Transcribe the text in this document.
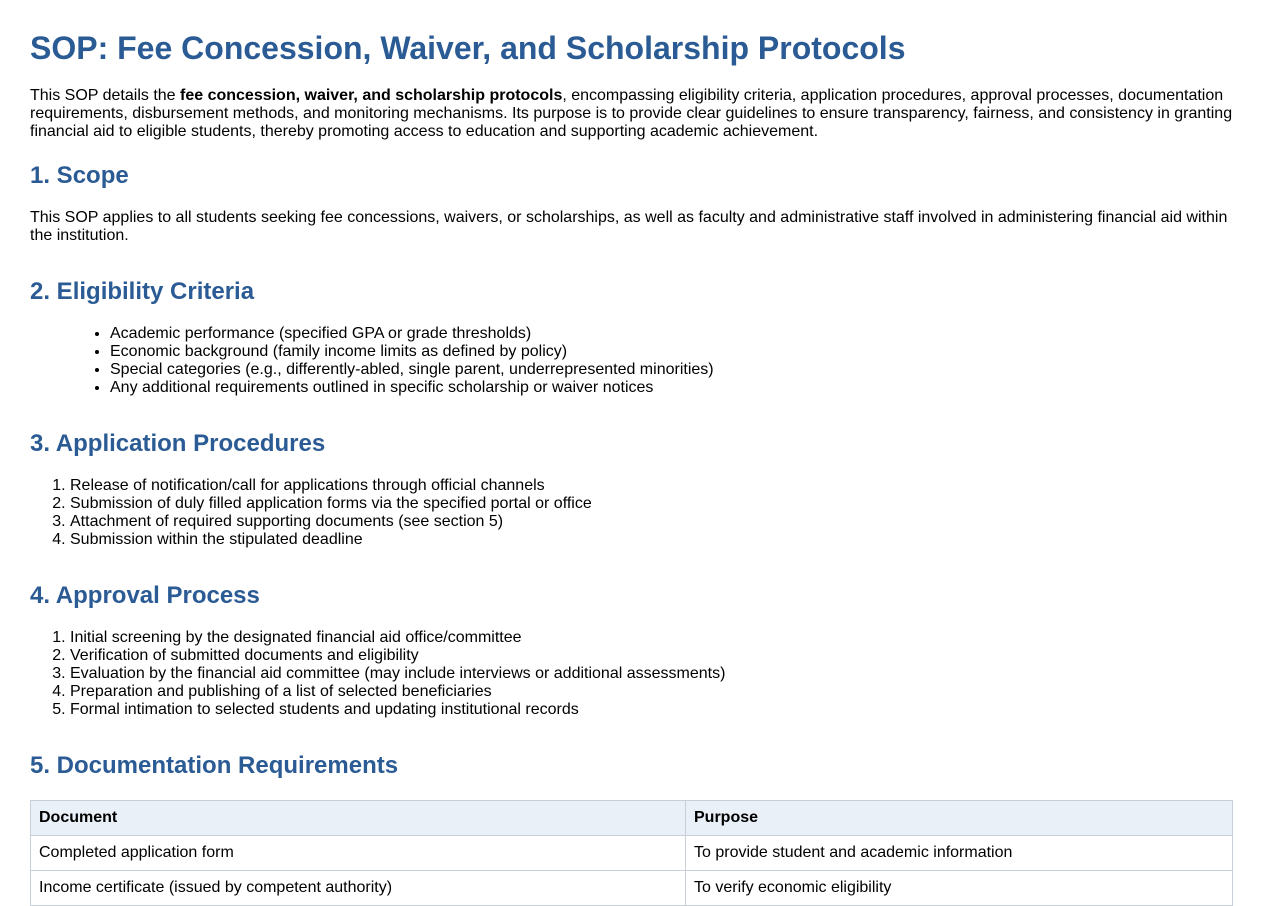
SOP: Fee Concession, Waiver, and Scholarship Protocols

This SOP details the fee concession, waiver, and scholarship protocols, encompassing eligibility criteria, application procedures, approval processes, documentation requirements, disbursement methods, and monitoring mechanisms. Its purpose is to provide clear guidelines to ensure transparency, fairness, and consistency in granting financial aid to eligible students, thereby promoting access to education and supporting academic achievement.

1. Scope

This SOP applies to all students seeking fee concessions, waivers, or scholarships, as well as faculty and administrative staff involved in administering financial aid within the institution.

2. Eligibility Criteria
• Academic performance (specified GPA or grade thresholds)
• Economic background (family income limits as defined by policy)
• Special categories (e.g., differently-abled, single parent, underrepresented minorities)
• Any additional requirements outlined in specific scholarship or waiver notices
3. Application Procedures
1. Release of notification/call for applications through official channels
2. Submission of duly filled application forms via the specified portal or office
3. Attachment of required supporting documents (see section 5)
4. Submission within the stipulated deadline
4. Approval Process
1. Initial screening by the designated financial aid office/committee
2. Verification of submitted documents and eligibility
3. Evaluation by the financial aid committee (may include interviews or additional assessments)
4. Preparation and publishing of a list of selected beneficiaries
5. Formal intimation to selected students and updating institutional records
5. Documentation Requirements
Document	Purpose
Completed application form	To provide student and academic information
Income certificate (issued by competent authority)	To verify economic eligibility
